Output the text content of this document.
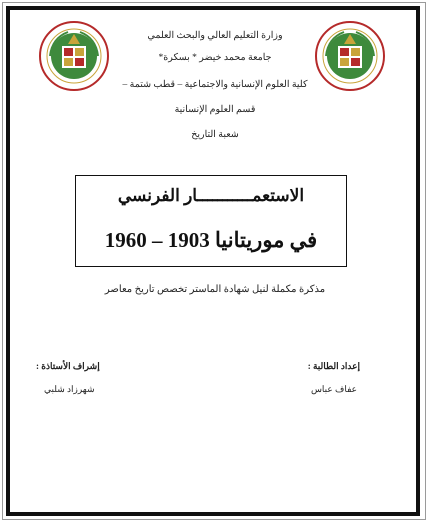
وزارة التعليم العالي والبحث العلمي
جامعة محمد خيضر * بسكرة*
كلية العلوم الإنسانية والاجتماعية – قطب شتمة –
قسم العلوم الإنسانية
شعبة التاريخ
الاستعمـــــــــــار الفرنسي
في موريتانيا 1903 – 1960
مذكرة مكملة لنيل شهادة الماستر تخصص تاريخ معاصر
إعداد الطالبة :
عفاف عباس
إشراف الأستاذة :
شهرزاد شلبي
